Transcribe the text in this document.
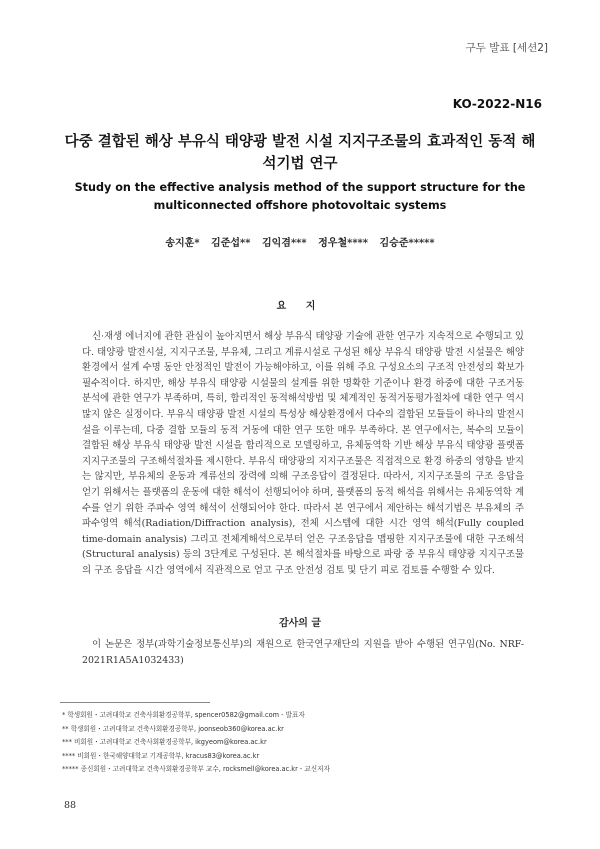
구두 발표 [세션2]
KO-2022-N16
다중 결합된 해상 부유식 태양광 발전 시설 지지구조물의 효과적인 동적 해석기법 연구
Study on the effective analysis method of the support structure for the multiconnected offshore photovoltaic systems
송지훈* 김준섭** 김익겸*** 정우철**** 김승준*****
요 지

신·재생 에너지에 관한 관심이 높아지면서 해상 부유식 태양광 기술에 관한 연구가 지속적으로 수행되고 있다. 태양광 발전시설, 지지구조물, 부유체, 그리고 계류시설로 구성된 해상 부유식 태양광 발전 시설물은 해양환경에서 설계 수명 동안 안정적인 발전이 가능해야하고, 이를 위해 주요 구성요소의 구조적 안전성의 확보가 필수적이다. 하지만, 해상 부유식 태양광 시설물의 설계를 위한 명확한 기준이나 환경 하중에 대한 구조거동분석에 관한 연구가 부족하며, 특히, 합리적인 동적해석방법 및 체계적인 동적거동평가절차에 대한 연구 역시 많지 않은 실정이다. 부유식 태양광 발전 시설의 특성상 해상환경에서 다수의 결합된 모듈들이 하나의 발전시설을 이루는데, 다중 결합 모듈의 동적 거동에 대한 연구 또한 매우 부족하다. 본 연구에서는, 복수의 모듈이 결합된 해상 부유식 태양광 발전 시설을 합리적으로 모델링하고, 유체동역학 기반 해상 부유식 태양광 플랫폼 지지구조물의 구조해석절차를 제시한다. 부유식 태양광의 지지구조물은 직접적으로 환경 하중의 영향을 받지는 않지만, 부유체의 운동과 계류선의 장력에 의해 구조응답이 결정된다. 따라서, 지지구조물의 구조 응답을 얻기 위해서는 플랫폼의 운동에 대한 해석이 선행되어야 하며, 플랫폼의 동적 해석을 위해서는 유체동역학 계수를 얻기 위한 주파수 영역 해석이 선행되어야 한다. 따라서 본 연구에서 제안하는 해석기법은 부유체의 주파수영역 해석(Radiation/Diffraction analysis), 전체 시스템에 대한 시간 영역 해석(Fully coupled time-domain analysis) 그리고 전체계해석으로부터 얻은 구조응답을 맵핑한 지지구조물에 대한 구조해석(Structural analysis) 등의 3단계로 구성된다. 본 해석절차를 바탕으로 파랑 중 부유식 태양광 지지구조물의 구조 응답을 시간 영역에서 직관적으로 얻고 구조 안전성 검토 및 단기 피로 검토를 수행할 수 있다.

감사의 글

이 논문은 정부(과학기술정보통신부)의 재원으로 한국연구재단의 지원을 받아 수행된 연구임(No. NRF-2021R1A5A1032433)

* 학생회원・고려대학교 건축사회환경공학부, spencer0582@gmail.com - 발표자
** 학생회원・고려대학교 건축사회환경공학부, joonseob360@korea.ac.kr
*** 비회원・고려대학교 건축사회환경공학부, ikgyeom@korea.ac.kr
**** 비회원・한국해양대학교 기계공학부, kracus83@korea.ac.kr
***** 종신회원・고려대학교 건축사회환경공학부 교수, rocksmell@korea.ac.kr - 교신저자
88
